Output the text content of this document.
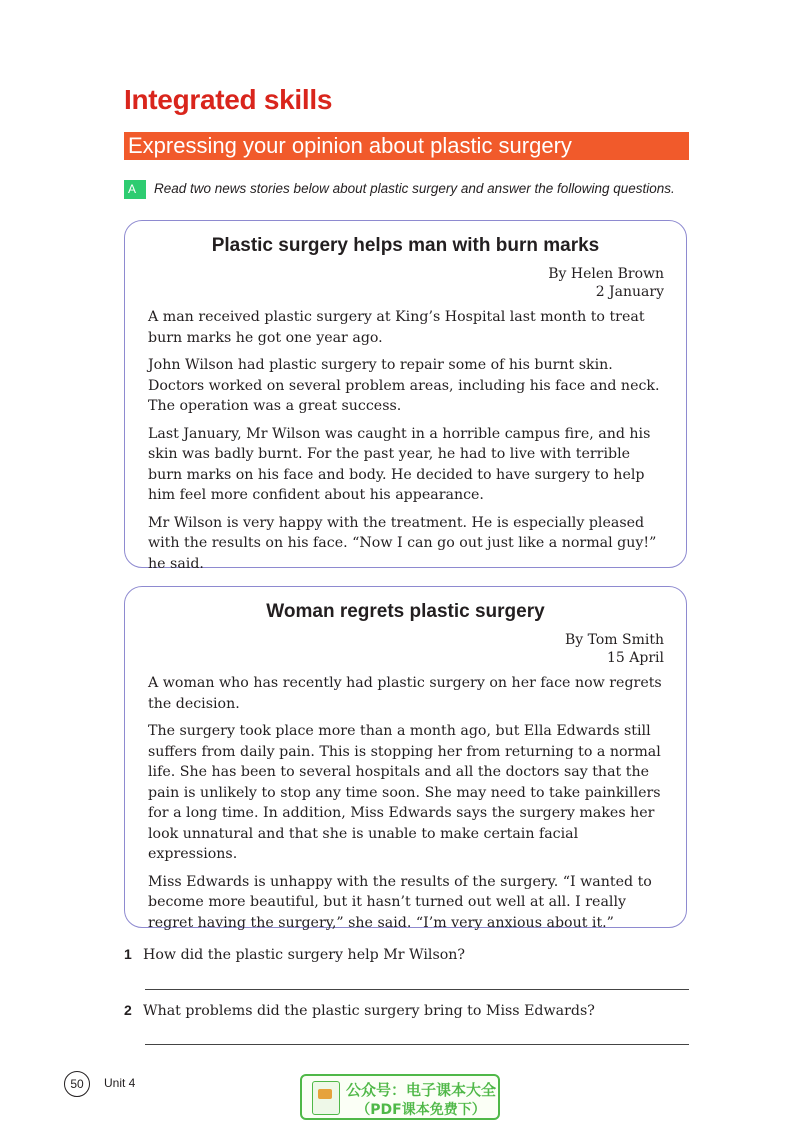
Integrated skills
Expressing your opinion about plastic surgery
A	Read two news stories below about plastic surgery and answer the following questions.
Plastic surgery helps man with burn marks
By Helen Brown
2 January

A man received plastic surgery at King’s Hospital last month to treat burn marks he got one year ago.

John Wilson had plastic surgery to repair some of his burnt skin. Doctors worked on several problem areas, including his face and neck. The operation was a great success.

Last January, Mr Wilson was caught in a horrible campus fire, and his skin was badly burnt. For the past year, he had to live with terrible burn marks on his face and body. He decided to have surgery to help him feel more confident about his appearance.

Mr Wilson is very happy with the treatment. He is especially pleased with the results on his face. “Now I can go out just like a normal guy!” he said.

Woman regrets plastic surgery
By Tom Smith
15 April

A woman who has recently had plastic surgery on her face now regrets the decision.

The surgery took place more than a month ago, but Ella Edwards still suffers from daily pain. This is stopping her from returning to a normal life. She has been to several hospitals and all the doctors say that the pain is unlikely to stop any time soon. She may need to take painkillers for a long time. In addition, Miss Edwards says the surgery makes her look unnatural and that she is unable to make certain facial expressions.

Miss Edwards is unhappy with the results of the surgery. “I wanted to become more beautiful, but it hasn’t turned out well at all. I really regret having the surgery,” she said. “I’m very anxious about it.”

1 How did the plastic surgery help Mr Wilson?
2 What problems did the plastic surgery bring to Miss Edwards?
50	Unit 4	公众号：电子课本大全
（PDF课本免费下）
